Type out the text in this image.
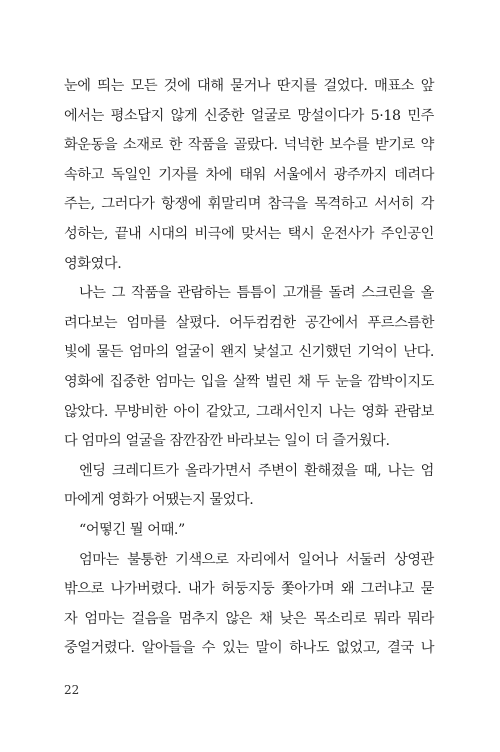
눈에 띄는 모든 것에 대해 묻거나 딴지를 걸었다. 매표소 앞
에서는 평소답지 않게 신중한 얼굴로 망설이다가 5·18 민주
화운동을 소재로 한 작품을 골랐다. 넉넉한 보수를 받기로 약
속하고 독일인 기자를 차에 태워 서울에서 광주까지 데려다
주는, 그러다가 항쟁에 휘말리며 참극을 목격하고 서서히 각
성하는, 끝내 시대의 비극에 맞서는 택시 운전사가 주인공인
영화였다.
나는 그 작품을 관람하는 틈틈이 고개를 돌려 스크린을 올
려다보는 엄마를 살폈다. 어두컴컴한 공간에서 푸르스름한
빛에 물든 엄마의 얼굴이 왠지 낯설고 신기했던 기억이 난다.
영화에 집중한 엄마는 입을 살짝 벌린 채 두 눈을 깜박이지도
않았다. 무방비한 아이 같았고, 그래서인지 나는 영화 관람보
다 엄마의 얼굴을 잠깐잠깐 바라보는 일이 더 즐거웠다.
엔딩 크레디트가 올라가면서 주변이 환해졌을 때, 나는 엄
마에게 영화가 어땠는지 물었다.
“어떻긴 뭘 어때.”
엄마는 불퉁한 기색으로 자리에서 일어나 서둘러 상영관
밖으로 나가버렸다. 내가 허둥지둥 쫓아가며 왜 그러냐고 묻
자 엄마는 걸음을 멈추지 않은 채 낮은 목소리로 뭐라 뭐라
중얼거렸다. 알아들을 수 있는 말이 하나도 없었고, 결국 나
22
